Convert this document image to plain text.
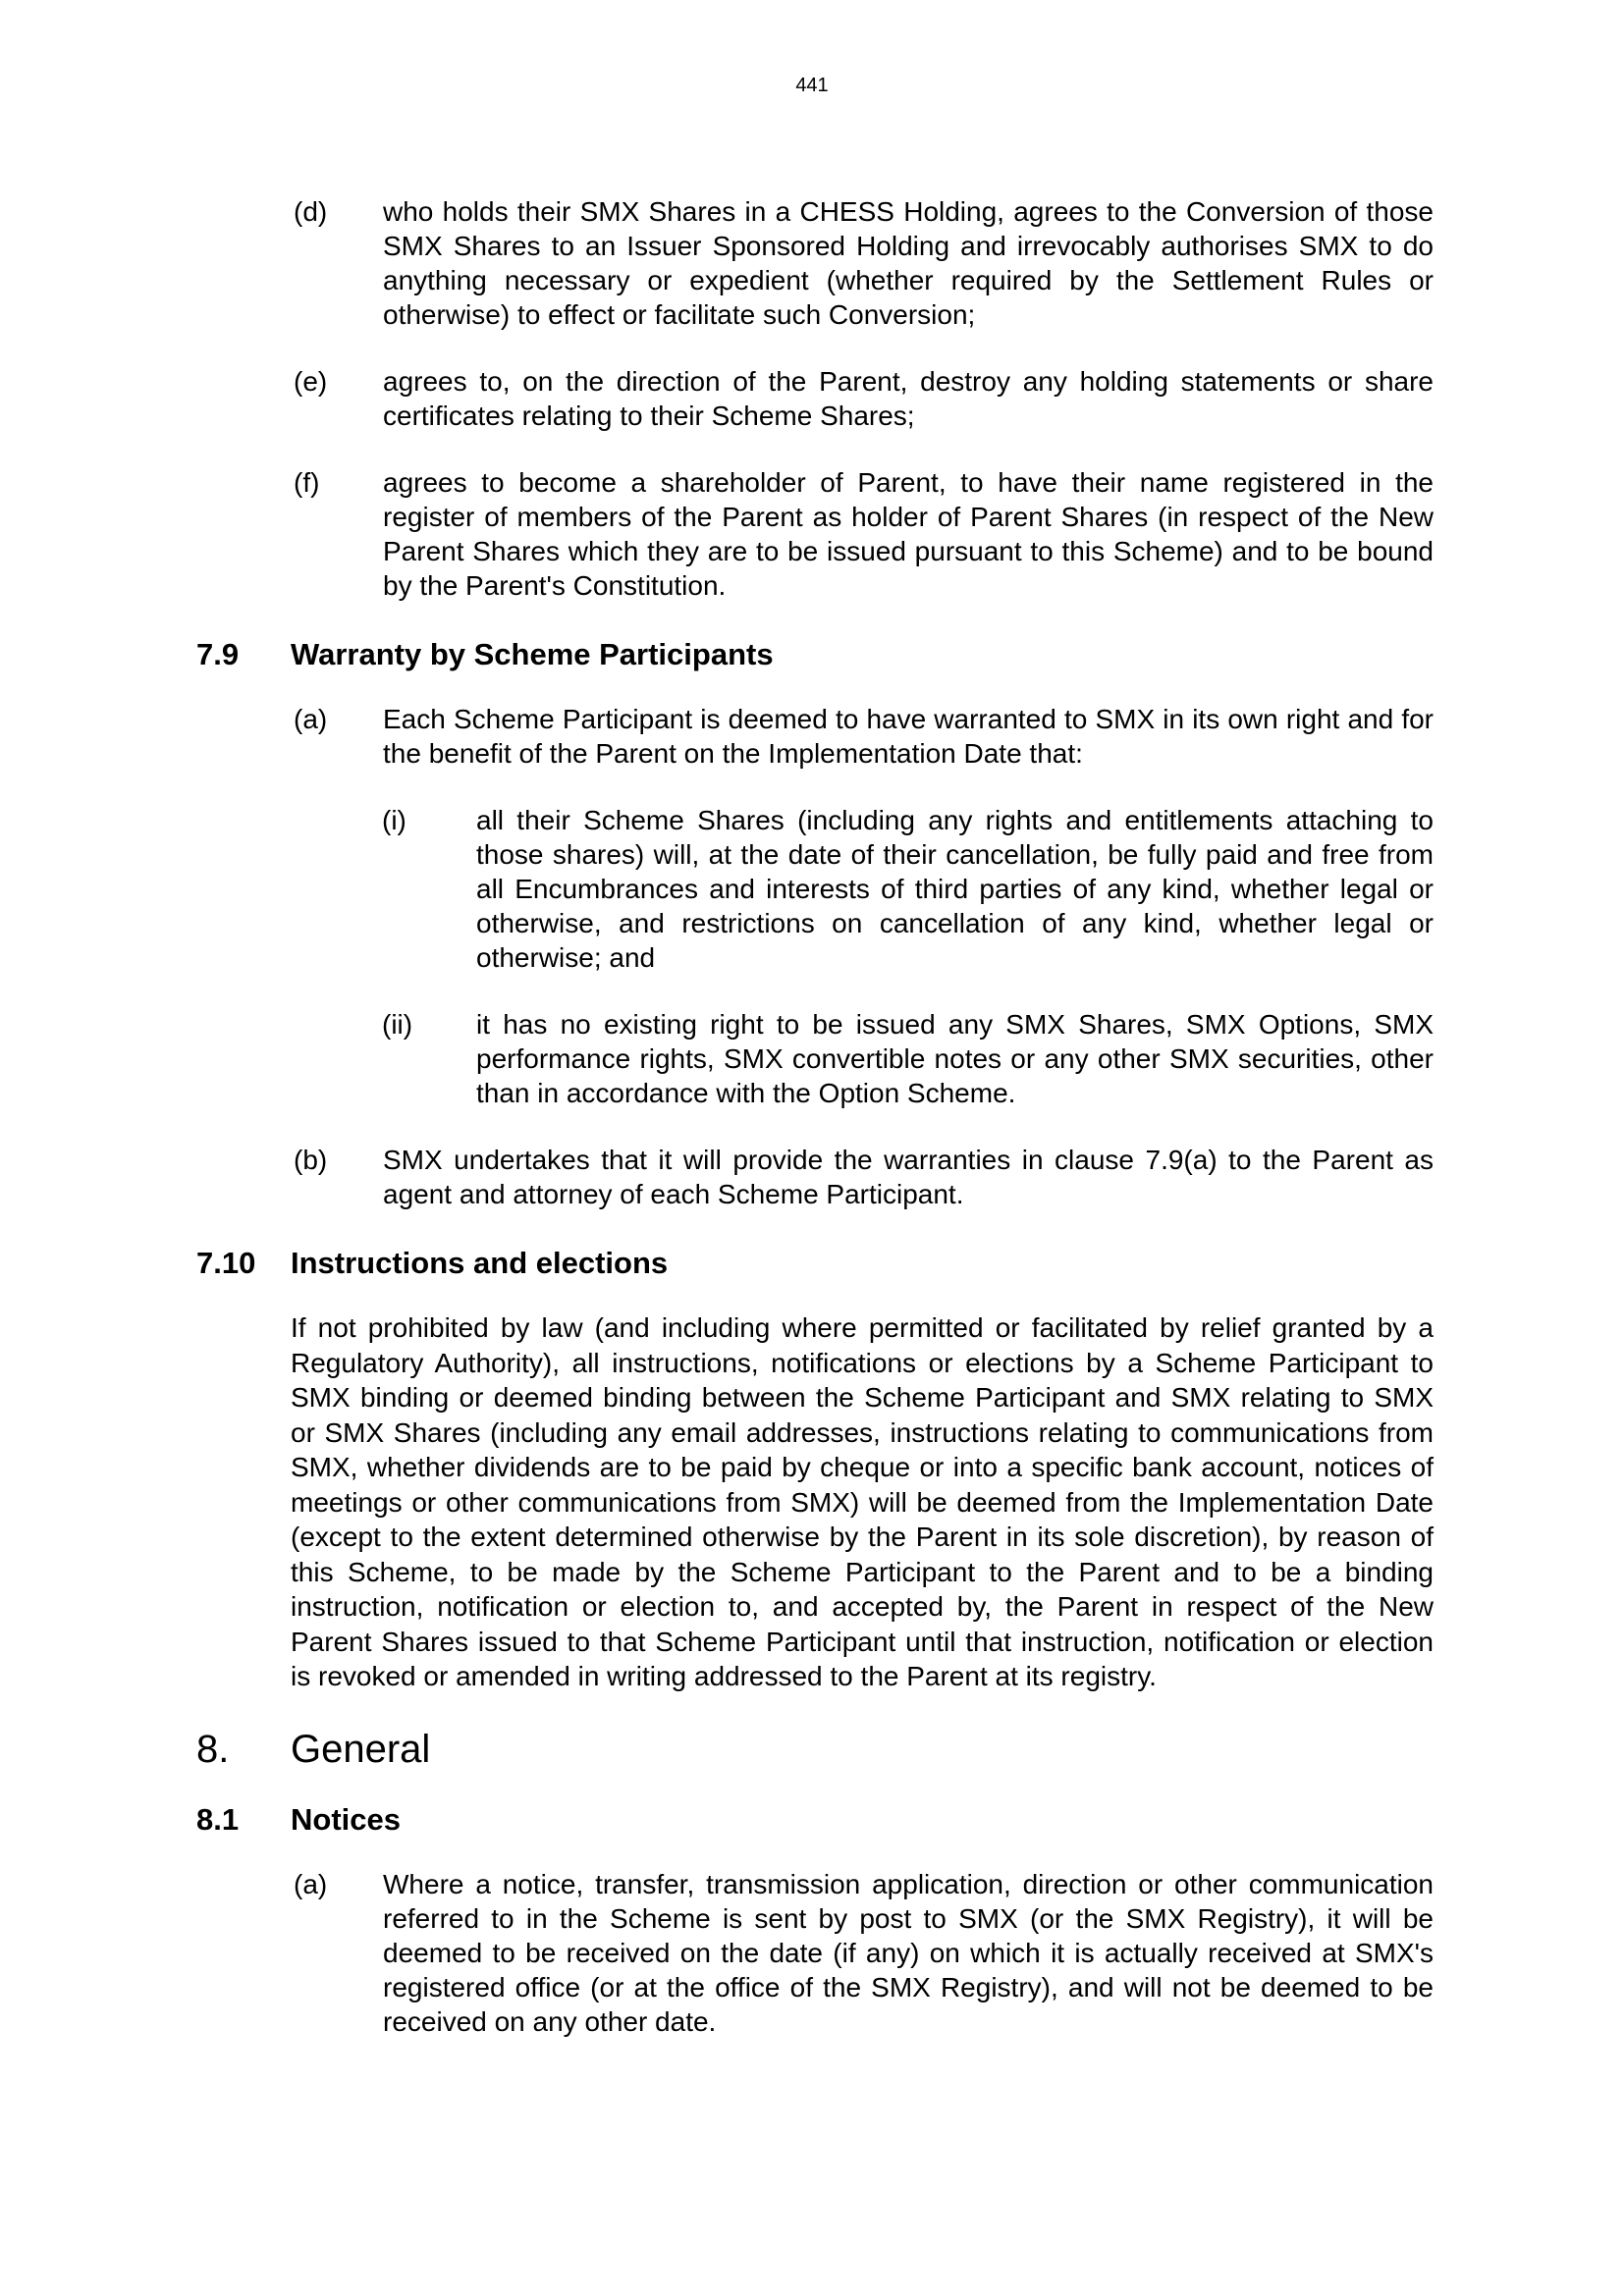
441
(d) who holds their SMX Shares in a CHESS Holding, agrees to the Conversion of those SMX Shares to an Issuer Sponsored Holding and irrevocably authorises SMX to do anything necessary or expedient (whether required by the Settlement Rules or otherwise) to effect or facilitate such Conversion;
(e) agrees to, on the direction of the Parent, destroy any holding statements or share certificates relating to their Scheme Shares;
(f) agrees to become a shareholder of Parent, to have their name registered in the register of members of the Parent as holder of Parent Shares (in respect of the New Parent Shares which they are to be issued pursuant to this Scheme) and to be bound by the Parent's Constitution.
7.9 Warranty by Scheme Participants
(a) Each Scheme Participant is deemed to have warranted to SMX in its own right and for the benefit of the Parent on the Implementation Date that:
(i)	all their Scheme Shares (including any rights and entitlements attaching to those shares) will, at the date of their cancellation, be fully paid and free from all Encumbrances and interests of third parties of any kind, whether legal or otherwise, and restrictions on cancellation of any kind, whether legal or otherwise; and
(ii) it has no existing right to be issued any SMX Shares, SMX Options, SMX performance rights, SMX convertible notes or any other SMX securities, other than in accordance with the Option Scheme.
(b) SMX undertakes that it will provide the warranties in clause 7.9(a) to the Parent as agent and attorney of each Scheme Participant.
7.10 Instructions and elections
If not prohibited by law (and including where permitted or facilitated by relief granted by a Regulatory Authority), all instructions, notifications or elections by a Scheme Participant to SMX binding or deemed binding between the Scheme Participant and SMX relating to SMX or SMX Shares (including any email addresses, instructions relating to communications from SMX, whether dividends are to be paid by cheque or into a specific bank account, notices of meetings or other communications from SMX) will be deemed from the Implementation Date (except to the extent determined otherwise by the Parent in its sole discretion), by reason of this Scheme, to be made by the Scheme Participant to the Parent and to be a binding instruction, notification or election to, and accepted by, the Parent in respect of the New Parent Shares issued to that Scheme Participant until that instruction, notification or election is revoked or amended in writing addressed to the Parent at its registry.
8. General
8.1 Notices
(a) Where a notice, transfer, transmission application, direction or other communication referred to in the Scheme is sent by post to SMX (or the SMX Registry), it will be deemed to be received on the date (if any) on which it is actually received at SMX's registered office (or at the office of the SMX Registry), and will not be deemed to be received on any other date.
